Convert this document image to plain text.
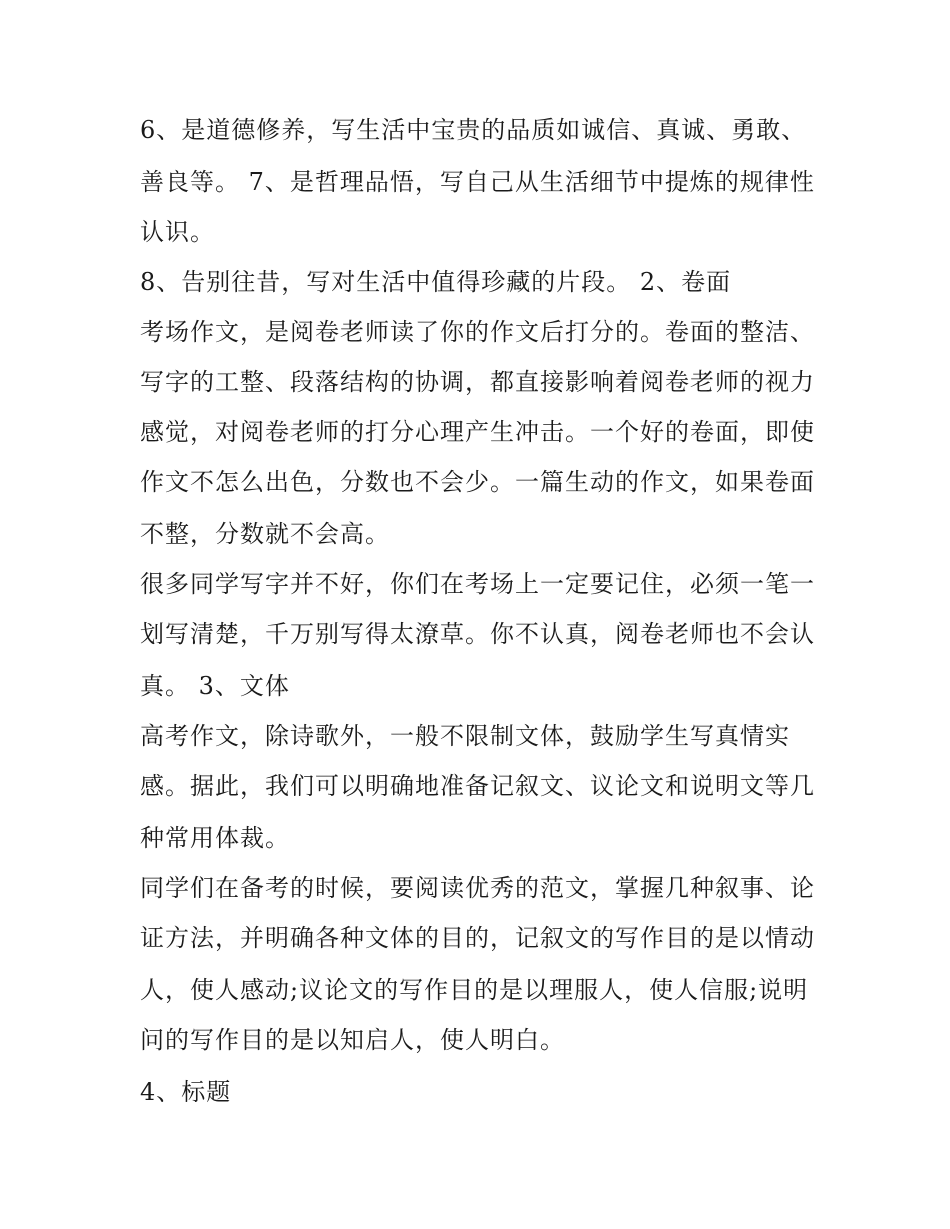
6、是道德修养，写生活中宝贵的品质如诚信、真诚、勇敢、
善良等。 7、是哲理品悟，写自己从生活细节中提炼的规律性
认识。
8、告别往昔，写对生活中值得珍藏的片段。 2、卷面
考场作文，是阅卷老师读了你的作文后打分的。卷面的整洁、
写字的工整、段落结构的协调，都直接影响着阅卷老师的视力
感觉，对阅卷老师的打分心理产生冲击。一个好的卷面，即使
作文不怎么出色，分数也不会少。一篇生动的作文，如果卷面
不整，分数就不会高。
很多同学写字并不好，你们在考场上一定要记住，必须一笔一
划写清楚，千万别写得太潦草。你不认真，阅卷老师也不会认
真。 3、文体
高考作文，除诗歌外，一般不限制文体，鼓励学生写真情实
感。据此，我们可以明确地准备记叙文、议论文和说明文等几
种常用体裁。
同学们在备考的时候，要阅读优秀的范文，掌握几种叙事、论
证方法，并明确各种文体的目的，记叙文的写作目的是以情动
人，使人感动;议论文的写作目的是以理服人，使人信服;说明
问的写作目的是以知启人，使人明白。
4、标题
